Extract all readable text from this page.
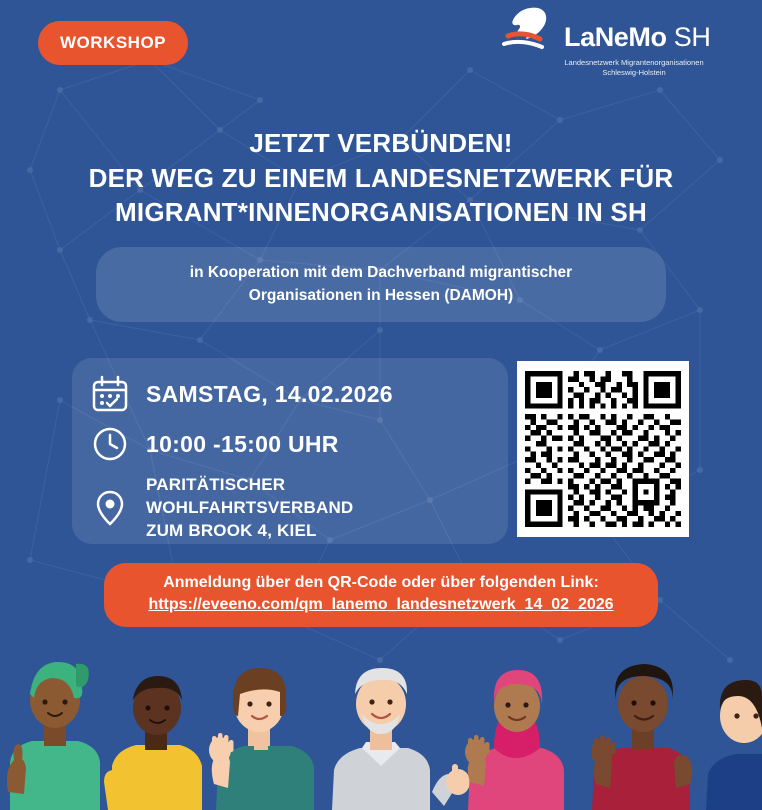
WORKSHOP	LaNeMo SH
Landesnetzwerk Migrantenorganisationen
Schleswig-Holstein
JETZT VERBÜNDEN!
DER WEG ZU EINEM LANDESNETZWERK FÜR
MIGRANT*INNENORGANISATIONEN IN SH
in Kooperation mit dem Dachverband migrantischer
Organisationen in Hessen (DAMOH)
SAMSTAG, 14.02.2026
10:00 -15:00 UHR
PARITÄTISCHER WOHLFAHRTSVERBAND
ZUM BROOK 4, KIEL
Anmeldung über den QR-Code oder über folgenden Link:
https://eveeno.com/qm_lanemo_landesnetzwerk_14_02_2026
